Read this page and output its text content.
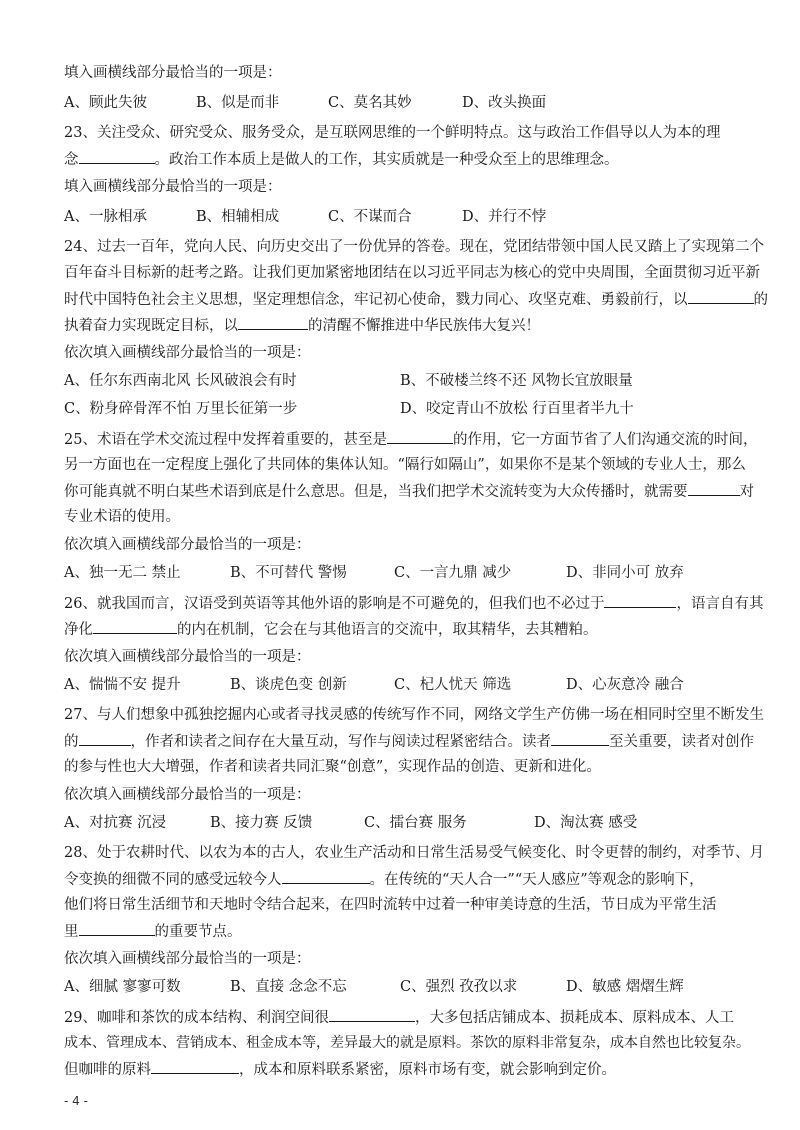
填入画横线部分最恰当的一项是：
A、顾此失彼	B、似是而非	C、莫名其妙	D、改头换面
23、关注受众、研究受众、服务受众，是互联网思维的一个鲜明特点。这与政治工作倡导以人为本的理
念	。政治工作本质上是做人的工作，其实质就是一种受众至上的思维理念。
填入画横线部分最恰当的一项是：
A、一脉相承	B、相辅相成	C、不谋而合	D、并行不悖
24、过去一百年，党向人民、向历史交出了一份优异的答卷。现在，党团结带领中国人民又踏上了实现第二个
百年奋斗目标新的赶考之路。让我们更加紧密地团结在以习近平同志为核心的党中央周围，全面贯彻习近平新
时代中国特色社会主义思想，坚定理想信念，牢记初心使命，戮力同心、攻坚克难、勇毅前行，以	的
执着奋力实现既定目标，以	的清醒不懈推进中华民族伟大复兴！
依次填入画横线部分最恰当的一项是：
A、任尔东西南北风 长风破浪会有时	B、不破楼兰终不还 风物长宜放眼量
C、粉身碎骨浑不怕 万里长征第一步	D、咬定青山不放松 行百里者半九十
25、术语在学术交流过程中发挥着重要的，甚至是	的作用，它一方面节省了人们沟通交流的时间，
另一方面也在一定程度上强化了共同体的集体认知。“隔行如隔山”，如果你不是某个领域的专业人士，那么
你可能真就不明白某些术语到底是什么意思。但是，当我们把学术交流转变为大众传播时，就需要	对
专业术语的使用。
依次填入画横线部分最恰当的一项是：
A、独一无二 禁止	B、不可替代 警惕	C、一言九鼎 减少	D、非同小可 放弃
26、就我国而言，汉语受到英语等其他外语的影响是不可避免的，但我们也不必过于	，语言自有其
净化	的内在机制，它会在与其他语言的交流中，取其精华，去其糟粕。
依次填入画横线部分最恰当的一项是：
A、惴惴不安 提升	B、谈虎色变 创新	C、杞人忧天 筛选	D、心灰意冷 融合
27、与人们想象中孤独挖掘内心或者寻找灵感的传统写作不同，网络文学生产仿佛一场在相同时空里不断发生
的	，作者和读者之间存在大量互动，写作与阅读过程紧密结合。读者	至关重要，读者对创作
的参与性也大大增强，作者和读者共同汇聚“创意”，实现作品的创造、更新和进化。
依次填入画横线部分最恰当的一项是：
A、对抗赛 沉浸	B、接力赛 反馈	C、擂台赛 服务	D、淘汰赛 感受
28、处于农耕时代、以农为本的古人，农业生产活动和日常生活易受气候变化、时令更替的制约，对季节、月
令变换的细微不同的感受远较今人	。在传统的“天人合一”“天人感应”等观念的影响下，
他们将日常生活细节和天地时令结合起来，在四时流转中过着一种审美诗意的生活，节日成为平常生活
里	的重要节点。
依次填入画横线部分最恰当的一项是：
A、细腻 寥寥可数	B、直接 念念不忘	C、强烈 孜孜以求	D、敏感 熠熠生辉
29、咖啡和茶饮的成本结构、利润空间很	，大多包括店铺成本、损耗成本、原料成本、人工
成本、管理成本、营销成本、租金成本等，差异最大的就是原料。茶饮的原料非常复杂，成本自然也比较复杂。
但咖啡的原料	，成本和原料联系紧密，原料市场有变，就会影响到定价。
- 4 -
